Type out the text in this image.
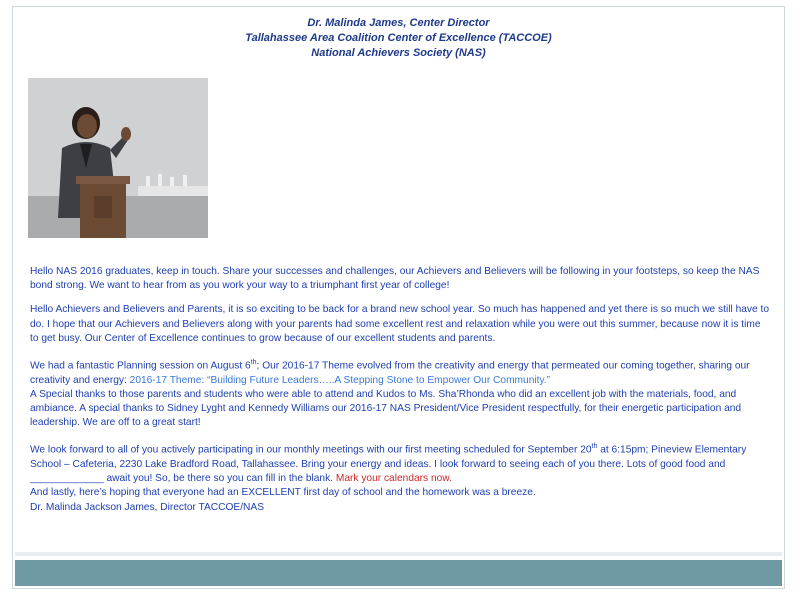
Dr. Malinda James, Center Director
Tallahassee Area Coalition Center of Excellence (TACCOE)
National Achievers Society (NAS)

Hello NAS 2016 graduates, keep in touch. Share your successes and challenges, our Achievers and Believers will be following in your footsteps, so keep the NAS bond strong. We want to hear from as you work your way to a triumphant first year of college!

Hello Achievers and Believers and Parents, it is so exciting to be back for a brand new school year. So much has happened and yet there is so much we still have to do. I hope that our Achievers and Believers along with your parents had some excellent rest and relaxation while you were out this summer, because now it is time to get busy. Our Center of Excellence continues to grow because of our excellent students and parents.

We had a fantastic Planning session on August 6th; Our 2016-17 Theme evolved from the creativity and energy that permeated our coming together, sharing our creativity and energy: 2016-17 Theme: “Building Future Leaders…..A Stepping Stone to Empower Our Community.”

A Special thanks to those parents and students who were able to attend and Kudos to Ms. Sha’Rhonda who did an excellent job with the materials, food, and ambiance. A special thanks to Sidney Lyght and Kennedy Williams our 2016-17 NAS President/Vice President respectfully, for their energetic participation and leadership. We are off to a great start!

We look forward to all of you actively participating in our monthly meetings with our first meeting scheduled for September 20th at 6:15pm; Pineview Elementary School – Cafeteria, 2230 Lake Bradford Road, Tallahassee. Bring your energy and ideas. I look forward to seeing each of you there. Lots of good food and _____________ await you! So, be there so you can fill in the blank. Mark your calendars now.

And lastly, here’s hoping that everyone had an EXCELLENT first day of school and the homework was a breeze.

Dr. Malinda Jackson James, Director TACCOE/NAS
